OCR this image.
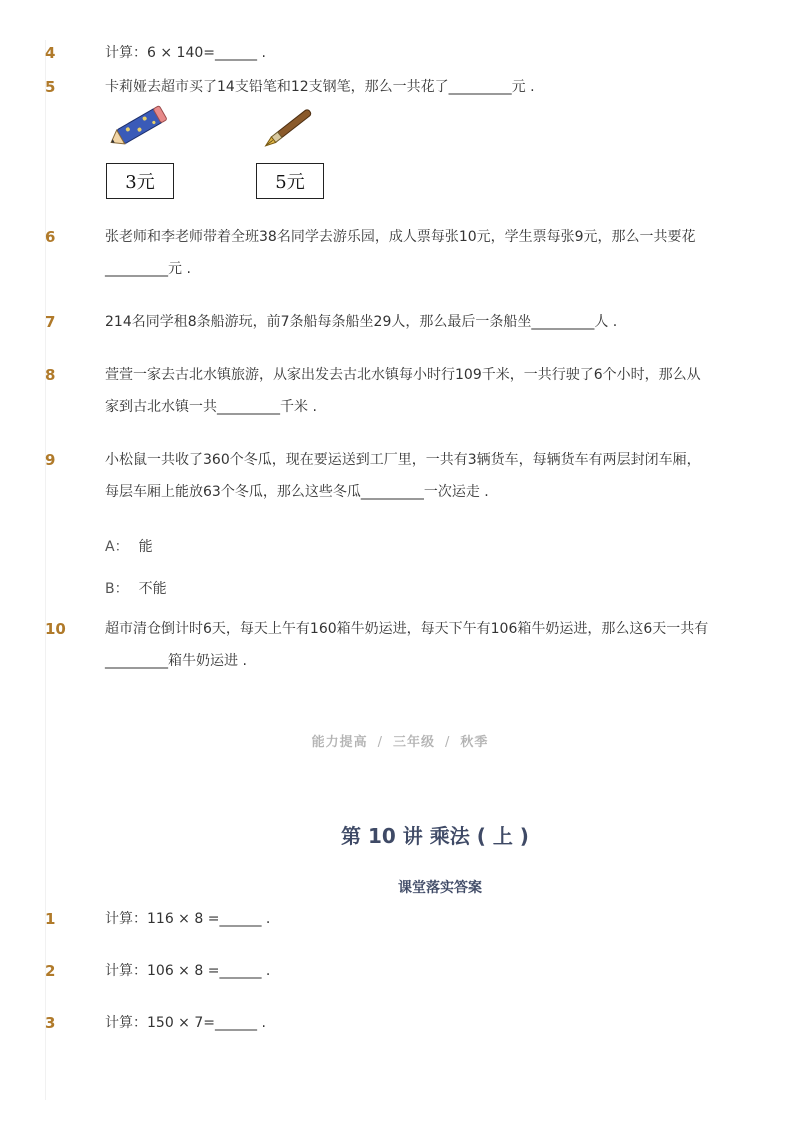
4	计算：6 × 140=______ .
5	卡莉娅去超市买了14支铅笔和12支钢笔，那么一共花了_________元 .
3元	5元
6	张老师和李老师带着全班38名同学去游乐园，成人票每张10元，学生票每张9元，那么一共要花
_________元 .
7	214名同学租8条船游玩，前7条船每条船坐29人，那么最后一条船坐_________人 .
8	萱萱一家去古北水镇旅游，从家出发去古北水镇每小时行109千米，一共行驶了6个小时，那么从
家到古北水镇一共_________千米 .
9	小松鼠一共收了360个冬瓜，现在要运送到工厂里，一共有3辆货车，每辆货车有两层封闭车厢，
每层车厢上能放63个冬瓜，那么这些冬瓜_________一次运走 .
A： 能
B： 不能
10	超市清仓倒计时6天，每天上午有160箱牛奶运进，每天下午有106箱牛奶运进，那么这6天一共有
_________箱牛奶运进 .
能力提高 / 三年级 / 秋季
第 10 讲 乘法 ( 上 )
课堂落实答案
1	计算：116 × 8 =______ .
2	计算：106 × 8 =______ .
3	计算：150 × 7=______ .
